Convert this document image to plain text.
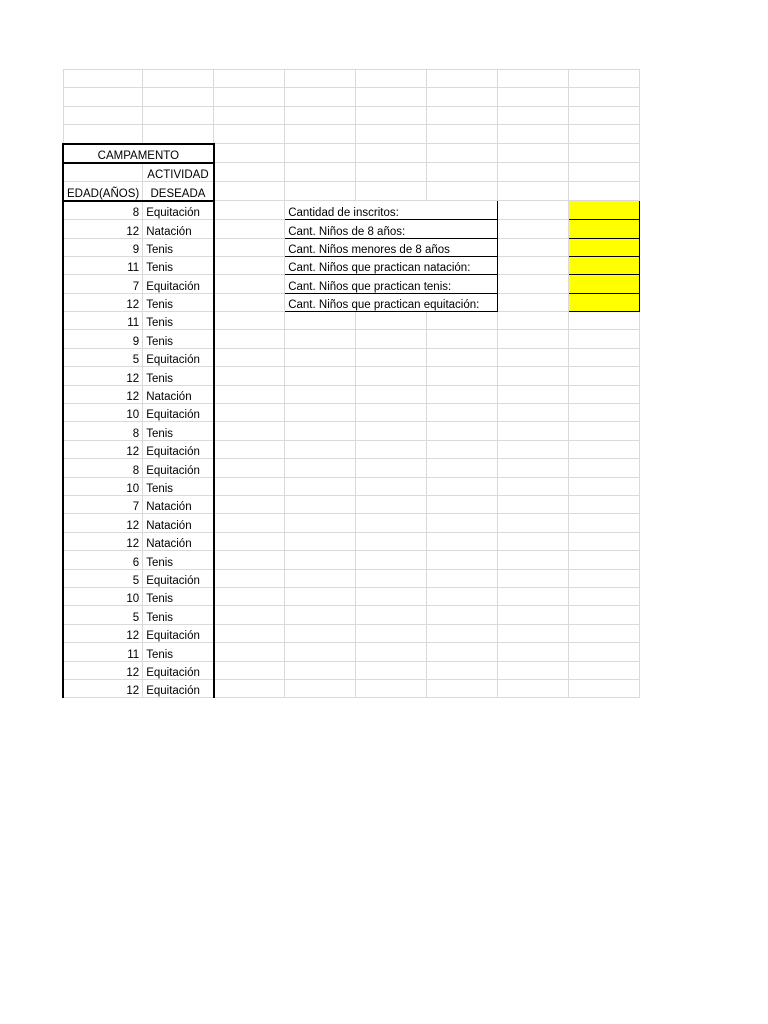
CAMPAMENTO							
	ACTIVIDAD						
EDAD(AÑOS)	DESEADA						
8	Equitación		Cantidad de inscritos:				
12	Natación		Cant. Niños de 8 años:				
9	Tenis		Cant. Niños menores de 8 años				
11	Tenis		Cant. Niños que practican natación:				
7	Equitación		Cant. Niños que practican tenis:				
12	Tenis		Cant. Niños que practican equitación:				
11	Tenis						
9	Tenis						
5	Equitación						
12	Tenis						
12	Natación						
10	Equitación						
8	Tenis						
12	Equitación						
8	Equitación						
10	Tenis						
7	Natación						
12	Natación						
12	Natación						
6	Tenis						
5	Equitación						
10	Tenis						
5	Tenis						
12	Equitación						
11	Tenis						
12	Equitación						
12	Equitación						
